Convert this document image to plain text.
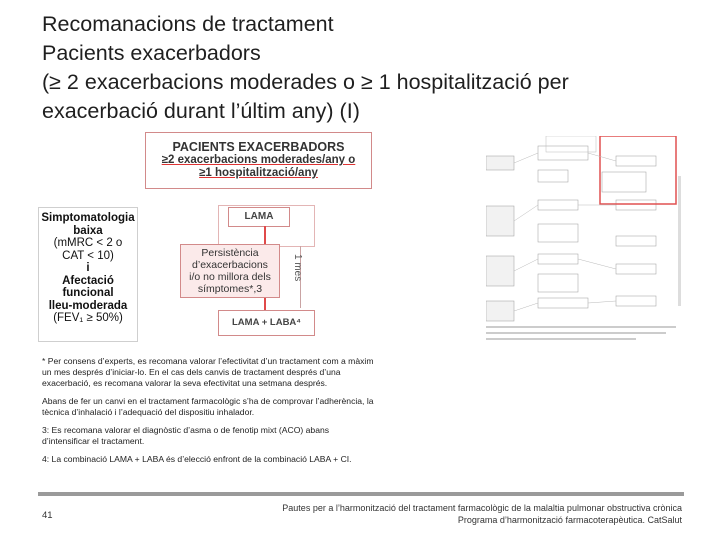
Recomanacions de tractament
Pacients exacerbadors
(≥ 2 exacerbacions moderades o ≥ 1 hospitalització per
exacerbació durant l’últim any) (I)
PACIENTS EXACERBADORS
≥2 exacerbacions moderades/any o
≥1 hospitalització/any
Simptomatologia
baixa
(mMRC < 2 o
CAT < 10)

i
Afectació
funcional
lleu-moderada
(FEV₁ ≥ 50%)
LAMA
Persistència
d’exacerbacions
i/o no millora dels
símptomes*,3
1 mes
LAMA + LABA⁴

* Per consens d’experts, es recomana valorar l’efectivitat d’un tractament com a màxim un mes després d’iniciar-lo. En el cas dels canvis de tractament després d’una exacerbació, es recomana valorar la seva efectivitat una setmana després.

Abans de fer un canvi en el tractament farmacològic s’ha de comprovar l’adherència, la tècnica d’inhalació i l’adequació del dispositiu inhalador.

3: Es recomana valorar el diagnòstic d’asma o de fenotip mixt (ACO) abans d’intensificar el tractament.

4: La combinació LAMA + LABA és d’elecció enfront de la combinació LABA + CI.

41
Pautes per a l’harmonització del tractament farmacològic de la malaltia pulmonar obstructiva crònica
Programa d’harmonització farmacoterapèutica. CatSalut
